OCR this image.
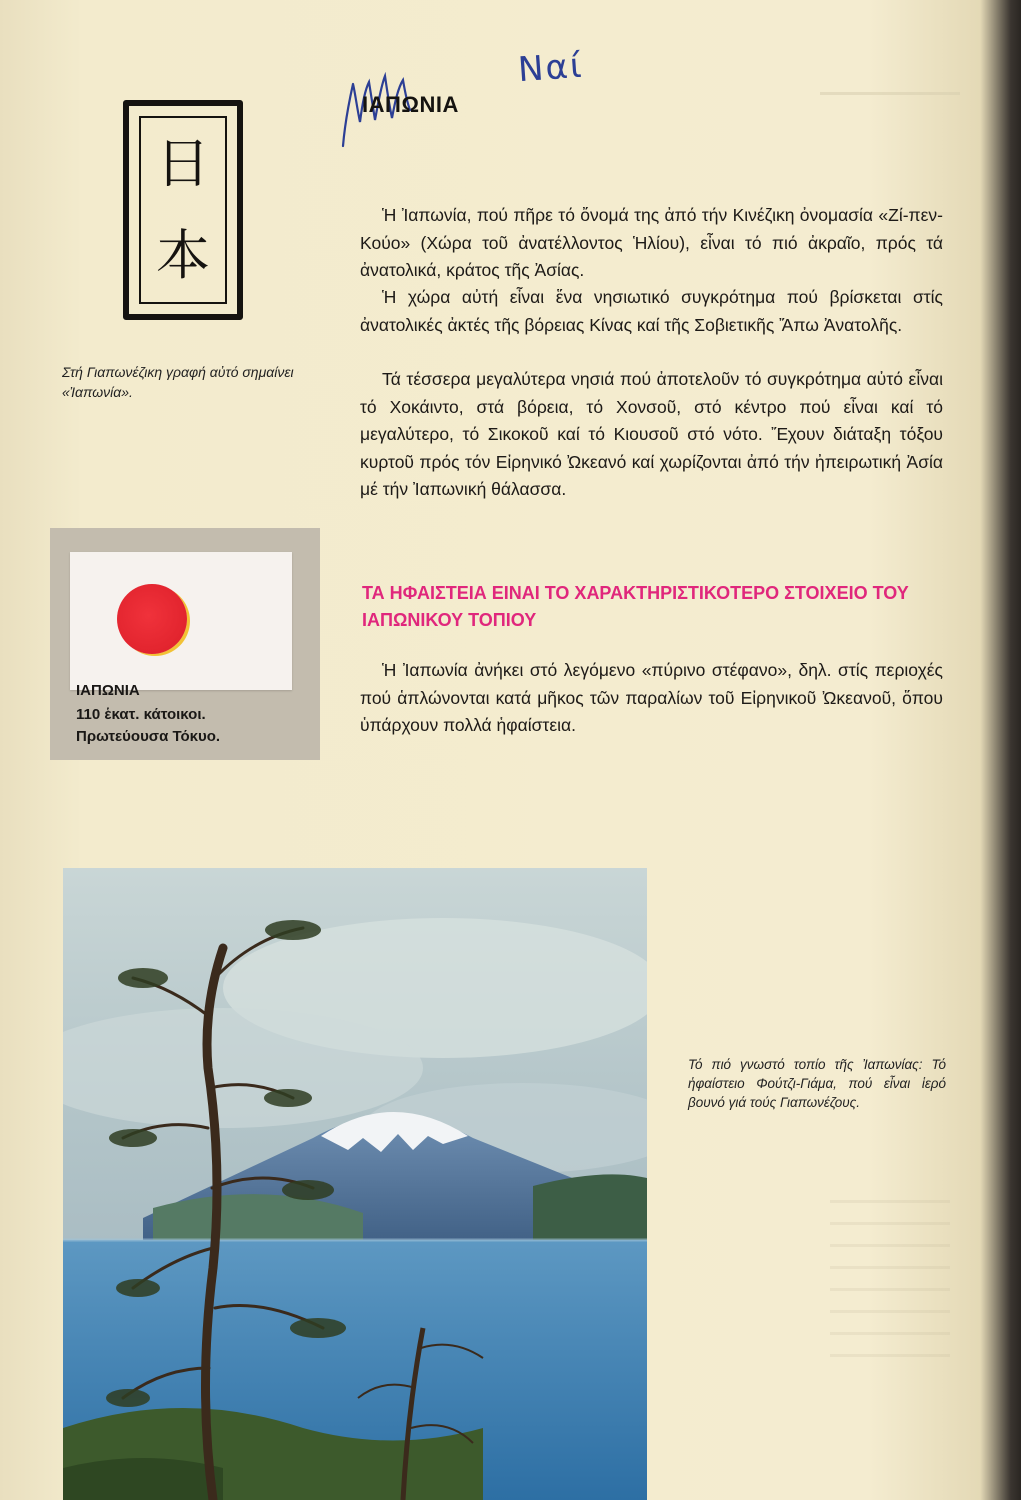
Ναί
ΙΑΠΩΝΙΑ
日
本
Στή Γιαπωνέζικη γραφή αὐτό σημαίνει «Ἰαπωνία».

Ἡ Ἰαπωνία, πού πῆρε τό ὄνομά της ἀπό τήν Κινέζικη ὀνομασία «Ζί-πεν-Κούο» (Χώρα τοῦ ἀνατέλλοντος Ἡλίου), εἶναι τό πιό ἀκραῖο, πρός τά ἀνατολικά, κράτος τῆς Ἀσίας.

Ἡ χώρα αὐτή εἶναι ἕνα νησιωτικό συγκρότημα πού βρίσκεται στίς ἀνατολικές ἀκτές τῆς βόρειας Κίνας καί τῆς Σοβιετικῆς Ἄπω Ἀνατολῆς.

Τά τέσσερα μεγαλύτερα νησιά πού ἀποτελοῦν τό συγκρότημα αὐτό εἶναι τό Χοκάιντο, στά βόρεια, τό Χονσοῦ, στό κέντρο πού εἶναι καί τό μεγαλύτερο, τό Σικοκοῦ καί τό Κιουσοῦ στό νότο. Ἔχουν διάταξη τόξου κυρτοῦ πρός τόν Εἰρηνικό Ὠκεανό καί χωρίζονται ἀπό τήν ἠπειρωτική Ἀσία μέ τήν Ἰαπωνική θάλασσα.

ΤΑ ΗΦΑΙΣΤΕΙΑ ΕΙΝΑΙ ΤΟ ΧΑΡΑΚΤΗΡΙΣΤΙΚΟΤΕΡΟ ΣΤΟΙΧΕΙΟ ΤΟΥ ΙΑΠΩΝΙΚΟΥ ΤΟΠΙΟΥ

Ἡ Ἰαπωνία ἀνήκει στό λεγόμενο «πύρινο στέφανο», δηλ. στίς περιοχές πού ἁπλώνονται κατά μῆκος τῶν παραλίων τοῦ Εἰρηνικοῦ Ὠκεανοῦ, ὅπου ὑπάρχουν πολλά ἡφαίστεια.

ΙΑΠΩΝΙΑ
110 ἑκατ. κάτοικοι.
Πρωτεύουσα Τόκυο.
Τό πιό γνωστό τοπίο τῆς Ἰαπωνίας: Τό ἡφαίστειο Φούτζι-Γιάμα, πού εἶναι ἱερό βουνό γιά τούς Γιαπωνέζους.
